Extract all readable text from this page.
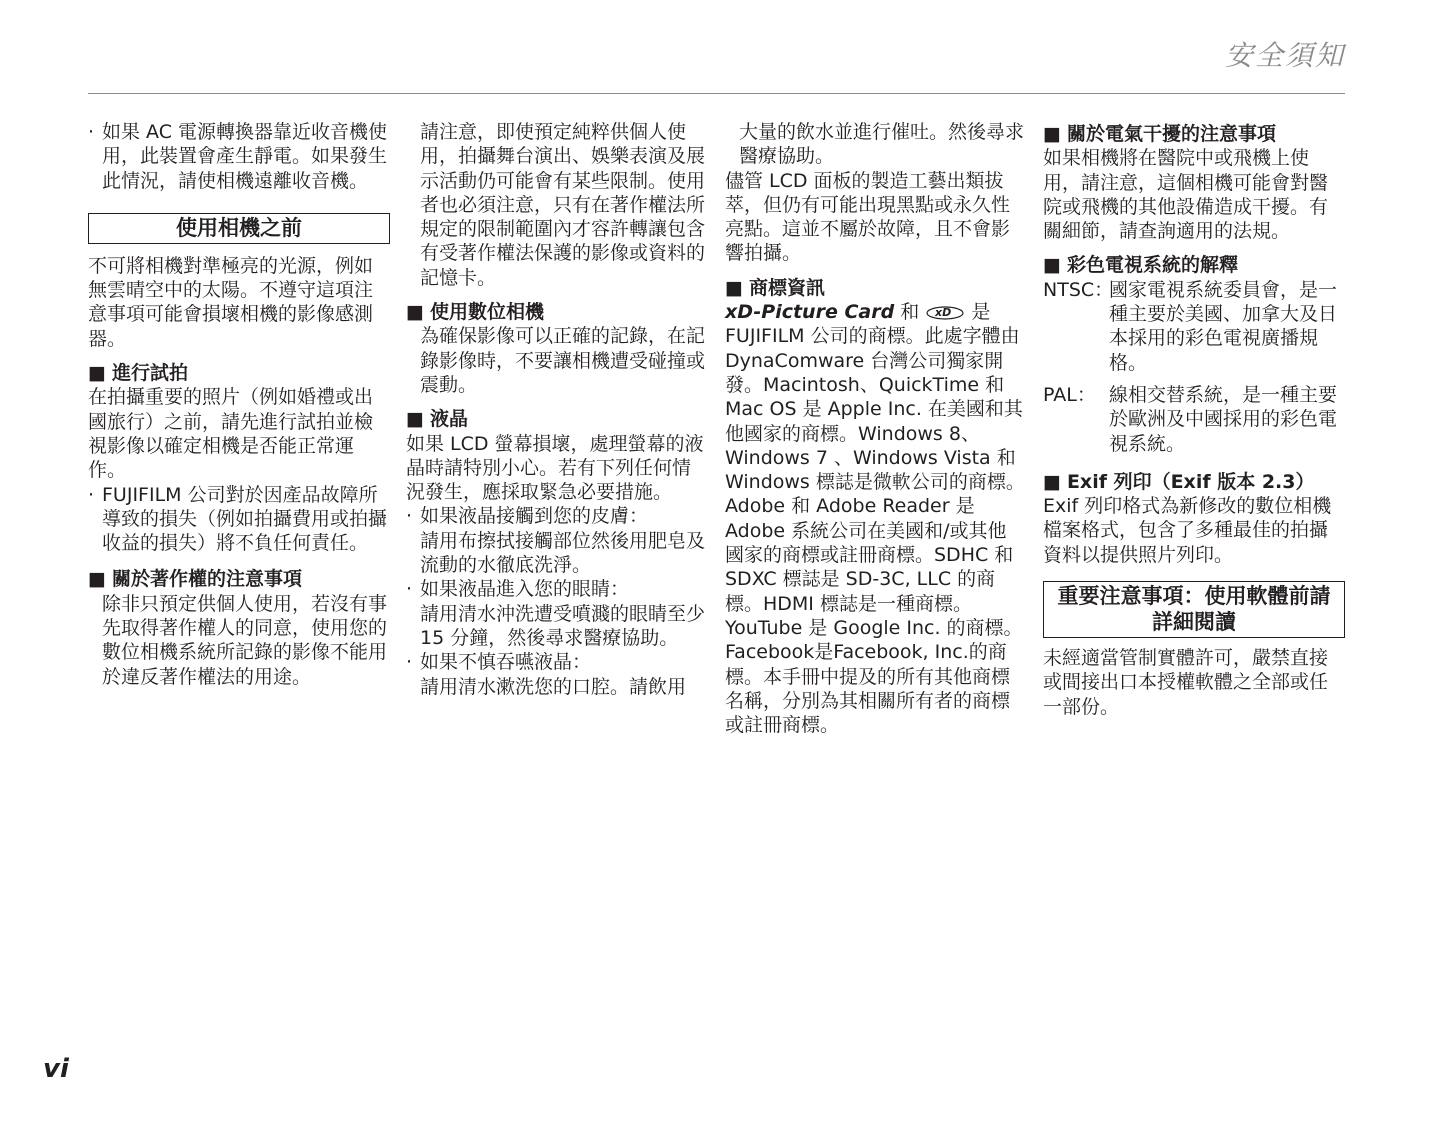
安全須知

· 如果 AC 電源轉換器靠近收音機使用，此裝置會產生靜電。如果發生此情況，請使相機遠離收音機。

使用相機之前

不可將相機對準極亮的光源，例如無雲晴空中的太陽。不遵守這項注意事項可能會損壞相機的影像感測器。

■ 進行試拍

在拍攝重要的照片（例如婚禮或出國旅行）之前，請先進行試拍並檢視影像以確定相機是否能正常運作。

· FUJIFILM 公司對於因產品故障所導致的損失（例如拍攝費用或拍攝收益的損失）將不負任何責任。

■ 關於著作權的注意事項

除非只預定供個人使用，若沒有事先取得著作權人的同意，使用您的數位相機系統所記錄的影像不能用於違反著作權法的用途。

請注意，即使預定純粹供個人使用，拍攝舞台演出、娛樂表演及展示活動仍可能會有某些限制。使用者也必須注意，只有在著作權法所規定的限制範圍內才容許轉讓包含有受著作權法保護的影像或資料的記憶卡。

■ 使用數位相機

為確保影像可以正確的記錄，在記錄影像時，不要讓相機遭受碰撞或震動。

■ 液晶

如果 LCD 螢幕損壞，處理螢幕的液晶時請特別小心。若有下列任何情況發生，應採取緊急必要措施。

· 如果液晶接觸到您的皮膚：

請用布擦拭接觸部位然後用肥皂及流動的水徹底洗淨。

· 如果液晶進入您的眼睛：

請用清水沖洗遭受噴濺的眼睛至少 15 分鐘，然後尋求醫療協助。

· 如果不慎吞嚥液晶：

請用清水漱洗您的口腔。請飲用

大量的飲水並進行催吐。然後尋求醫療協助。

儘管 LCD 面板的製造工藝出類拔萃，但仍有可能出現黑點或永久性亮點。這並不屬於故障，且不會影響拍攝。

■ 商標資訊

xD-Picture Card 和 xD 是

FUJIFILM 公司的商標。此處字體由 DynaComware 台灣公司獨家開發。Macintosh、QuickTime 和 Mac OS 是 Apple Inc. 在美國和其他國家的商標。Windows 8、Windows 7 、Windows Vista 和 Windows 標誌是微軟公司的商標。Adobe 和 Adobe Reader 是 Adobe 系統公司在美國和/或其他國家的商標或註冊商標。SDHC 和 SDXC 標誌是 SD-3C, LLC 的商標。HDMI 標誌是一種商標。YouTube 是 Google Inc. 的商標。Facebook是Facebook, Inc.的商標。本手冊中提及的所有其他商標名稱，分別為其相關所有者的商標或註冊商標。

■ 關於電氣干擾的注意事項

如果相機將在醫院中或飛機上使用，請注意，這個相機可能會對醫院或飛機的其他設備造成干擾。有關細節，請查詢適用的法規。

■ 彩色電視系統的解釋
NTSC：
國家電視系統委員會，是一種主要於美國、加拿大及日本採用的彩色電視廣播規格。
PAL： 線相交替系統，是一種主要於歐洲及中國採用的彩色電視系統。
■ Exif 列印（Exif 版本 2.3）

Exif 列印格式為新修改的數位相機檔案格式，包含了多種最佳的拍攝資料以提供照片列印。

重要注意事項：使用軟體前請詳細閱讀

未經適當管制實體許可，嚴禁直接或間接出口本授權軟體之全部或任一部份。

vi
